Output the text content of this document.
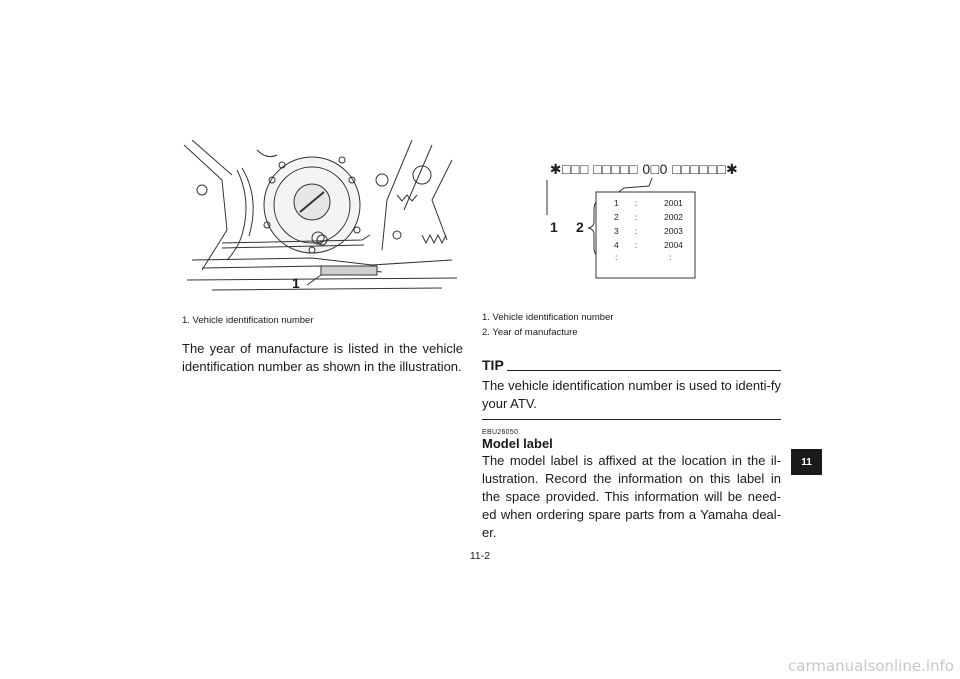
1
1. Vehicle identification number
The year of manufacture is listed in the vehicle identification number as shown in the illustration.
✱□□□ □□□□□ 0□0 □□□□□□✱
1 2
1 :	2001
2 :	2002
3 :	2003
4 :	2004
:	:
1. Vehicle identification number
2. Year of manufacture
TIP
The vehicle identification number is used to identi-fy your ATV.
EBU26050
Model label
The model label is affixed at the location in the il-lustration. Record the information on this label in the space provided. This information will be need-ed when ordering spare parts from a Yamaha deal-er.
11-2
11
carmanualsonline.info
